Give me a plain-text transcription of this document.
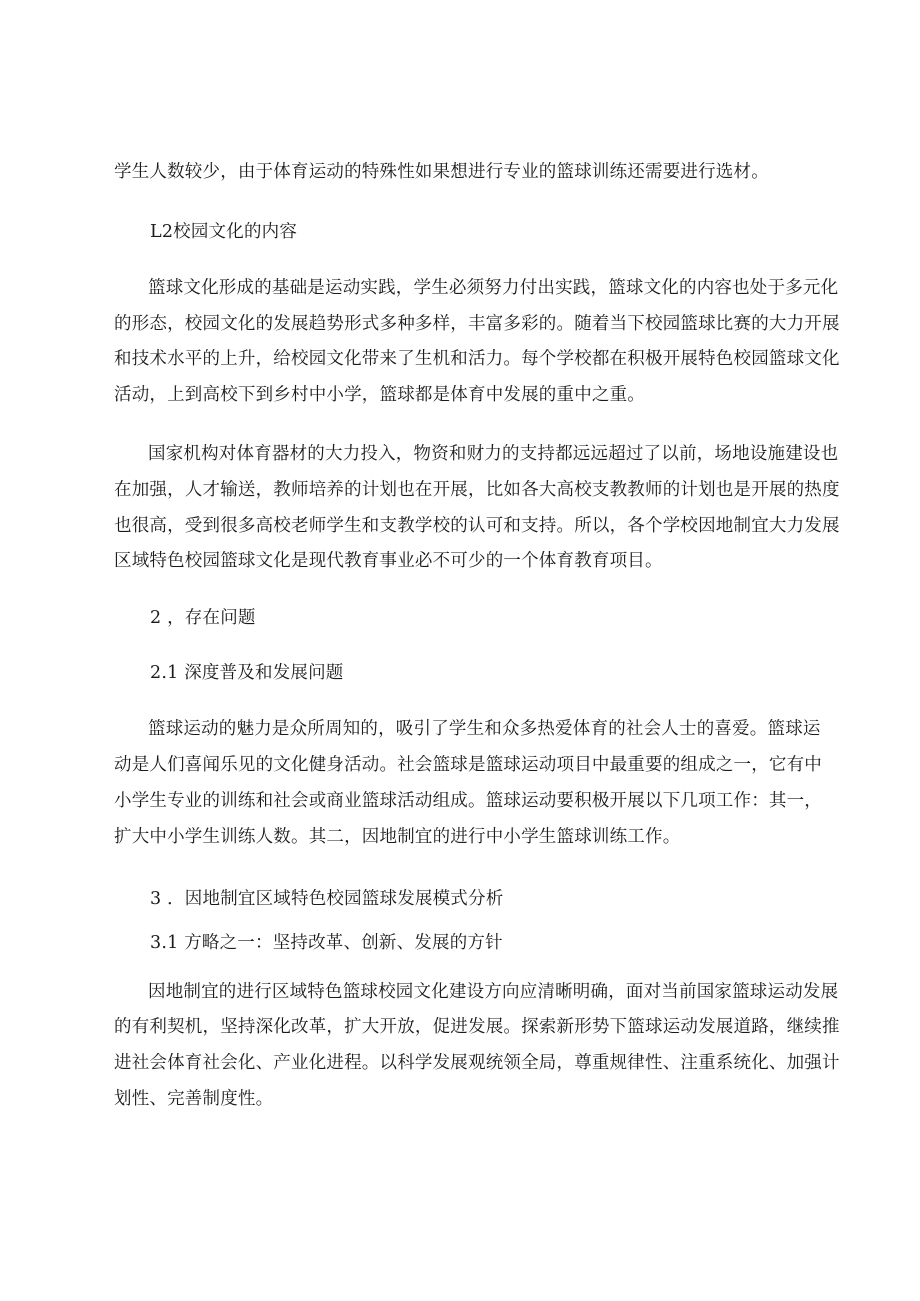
学生人数较少，由于体育运动的特殊性如果想进行专业的篮球训练还需要进行选材。
L2校园文化的内容
篮球文化形成的基础是运动实践，学生必须努力付出实践，篮球文化的内容也处于多元化
的形态，校园文化的发展趋势形式多种多样，丰富多彩的。随着当下校园篮球比赛的大力开展
和技术水平的上升，给校园文化带来了生机和活力。每个学校都在积极开展特色校园篮球文化
活动，上到高校下到乡村中小学，篮球都是体育中发展的重中之重。
国家机构对体育器材的大力投入，物资和财力的支持都远远超过了以前，场地设施建设也
在加强，人才输送，教师培养的计划也在开展，比如各大高校支教教师的计划也是开展的热度
也很高，受到很多高校老师学生和支教学校的认可和支持。所以，各个学校因地制宜大力发展
区域特色校园篮球文化是现代教育事业必不可少的一个体育教育项目。
2 ，存在问题
2.1 深度普及和发展问题
篮球运动的魅力是众所周知的，吸引了学生和众多热爱体育的社会人士的喜爱。篮球运
动是人们喜闻乐见的文化健身活动。社会篮球是篮球运动项目中最重要的组成之一，它有中
小学生专业的训练和社会或商业篮球活动组成。篮球运动要积极开展以下几项工作：其一，
扩大中小学生训练人数。其二，因地制宜的进行中小学生篮球训练工作。
3 ．因地制宜区域特色校园篮球发展模式分析
3.1 方略之一：坚持改革、创新、发展的方针
因地制宜的进行区域特色篮球校园文化建设方向应清晰明确，面对当前国家篮球运动发展
的有利契机，坚持深化改革，扩大开放，促进发展。探索新形势下篮球运动发展道路，继续推
进社会体育社会化、产业化进程。以科学发展观统领全局，尊重规律性、注重系统化、加强计
划性、完善制度性。
